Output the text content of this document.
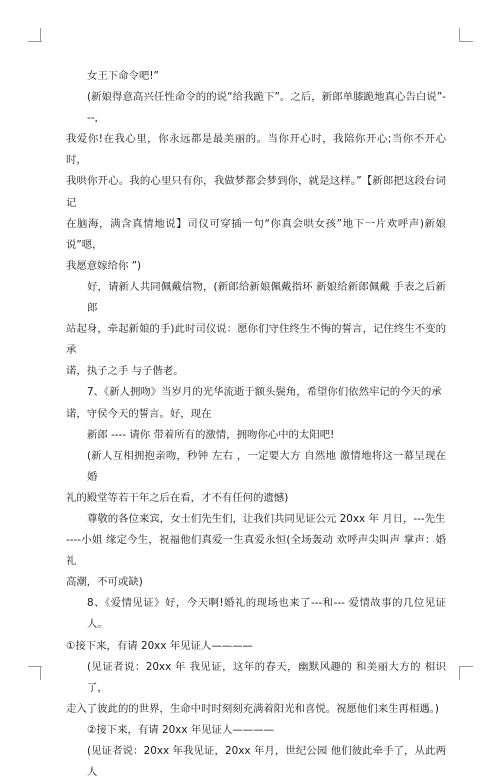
女王下命令吧!”
(新娘得意高兴任性命令的的说“给我跪下”。之后，新郎单膝跪地真心告白说”---，
我爱你!在我心里，你永远都是最美丽的。当你开心时，我陪你开心;当你不开心时，
我哄你开心。我的心里只有你，我做梦都会梦到你，就是这样。”【新郎把这段台词记
在脑海，满含真情地说】司仪可穿插一句“你真会哄女孩”地下一片欢呼声)新娘说”嗯，
我愿意嫁给你 ”)
好，请新人共同佩戴信物，(新郎给新娘佩戴指环 新娘给新郎佩戴 手表之后新郎
站起身，牵起新娘的手)此时司仪说：愿你们守住终生不悔的誓言，记住终生不变的承
诺，执子之手 与子偕老。
7、《新人拥吻》当岁月的光华流逝于额头鬓角，希望你们依然牢记的今天的承
诺，守侯今天的誓言。好，现在
新郎 ---- 请你 带着所有的激情，拥吻你心中的太阳吧!
(新人互相拥抱亲吻，秒钟 左右 ，一定要大方 自然地 激情地将这一幕呈现在 婚
礼的殿堂等若干年之后在看，才不有任何的遗憾)
尊敬的各位来宾，女士们先生们，让我们共同见证公元 20xx 年 月日，---先生
----小姐 缘定今生，祝福他们真爱一生真爱永恒(全场轰动 欢呼声尖叫声 掌声：婚礼
高潮，不可或缺)
8、《爱情见证》好，今天啊!婚礼的现场也来了---和--- 爱情故事的几位见证人。
①接下来，有请 20xx 年见证人————
(见证者说：20xx 年 我见证，这年的春天，幽默风趣的 和美丽大方的 相识了，
走入了彼此的的世界，生命中时时刻刻充满着阳光和喜悦。祝愿他们来生再相遇。)
②接下来，有请 20xx 年见证人————
(见证者说：20xx 年我见证，20xx 年月，世纪公园 他们彼此牵手了，从此两人
